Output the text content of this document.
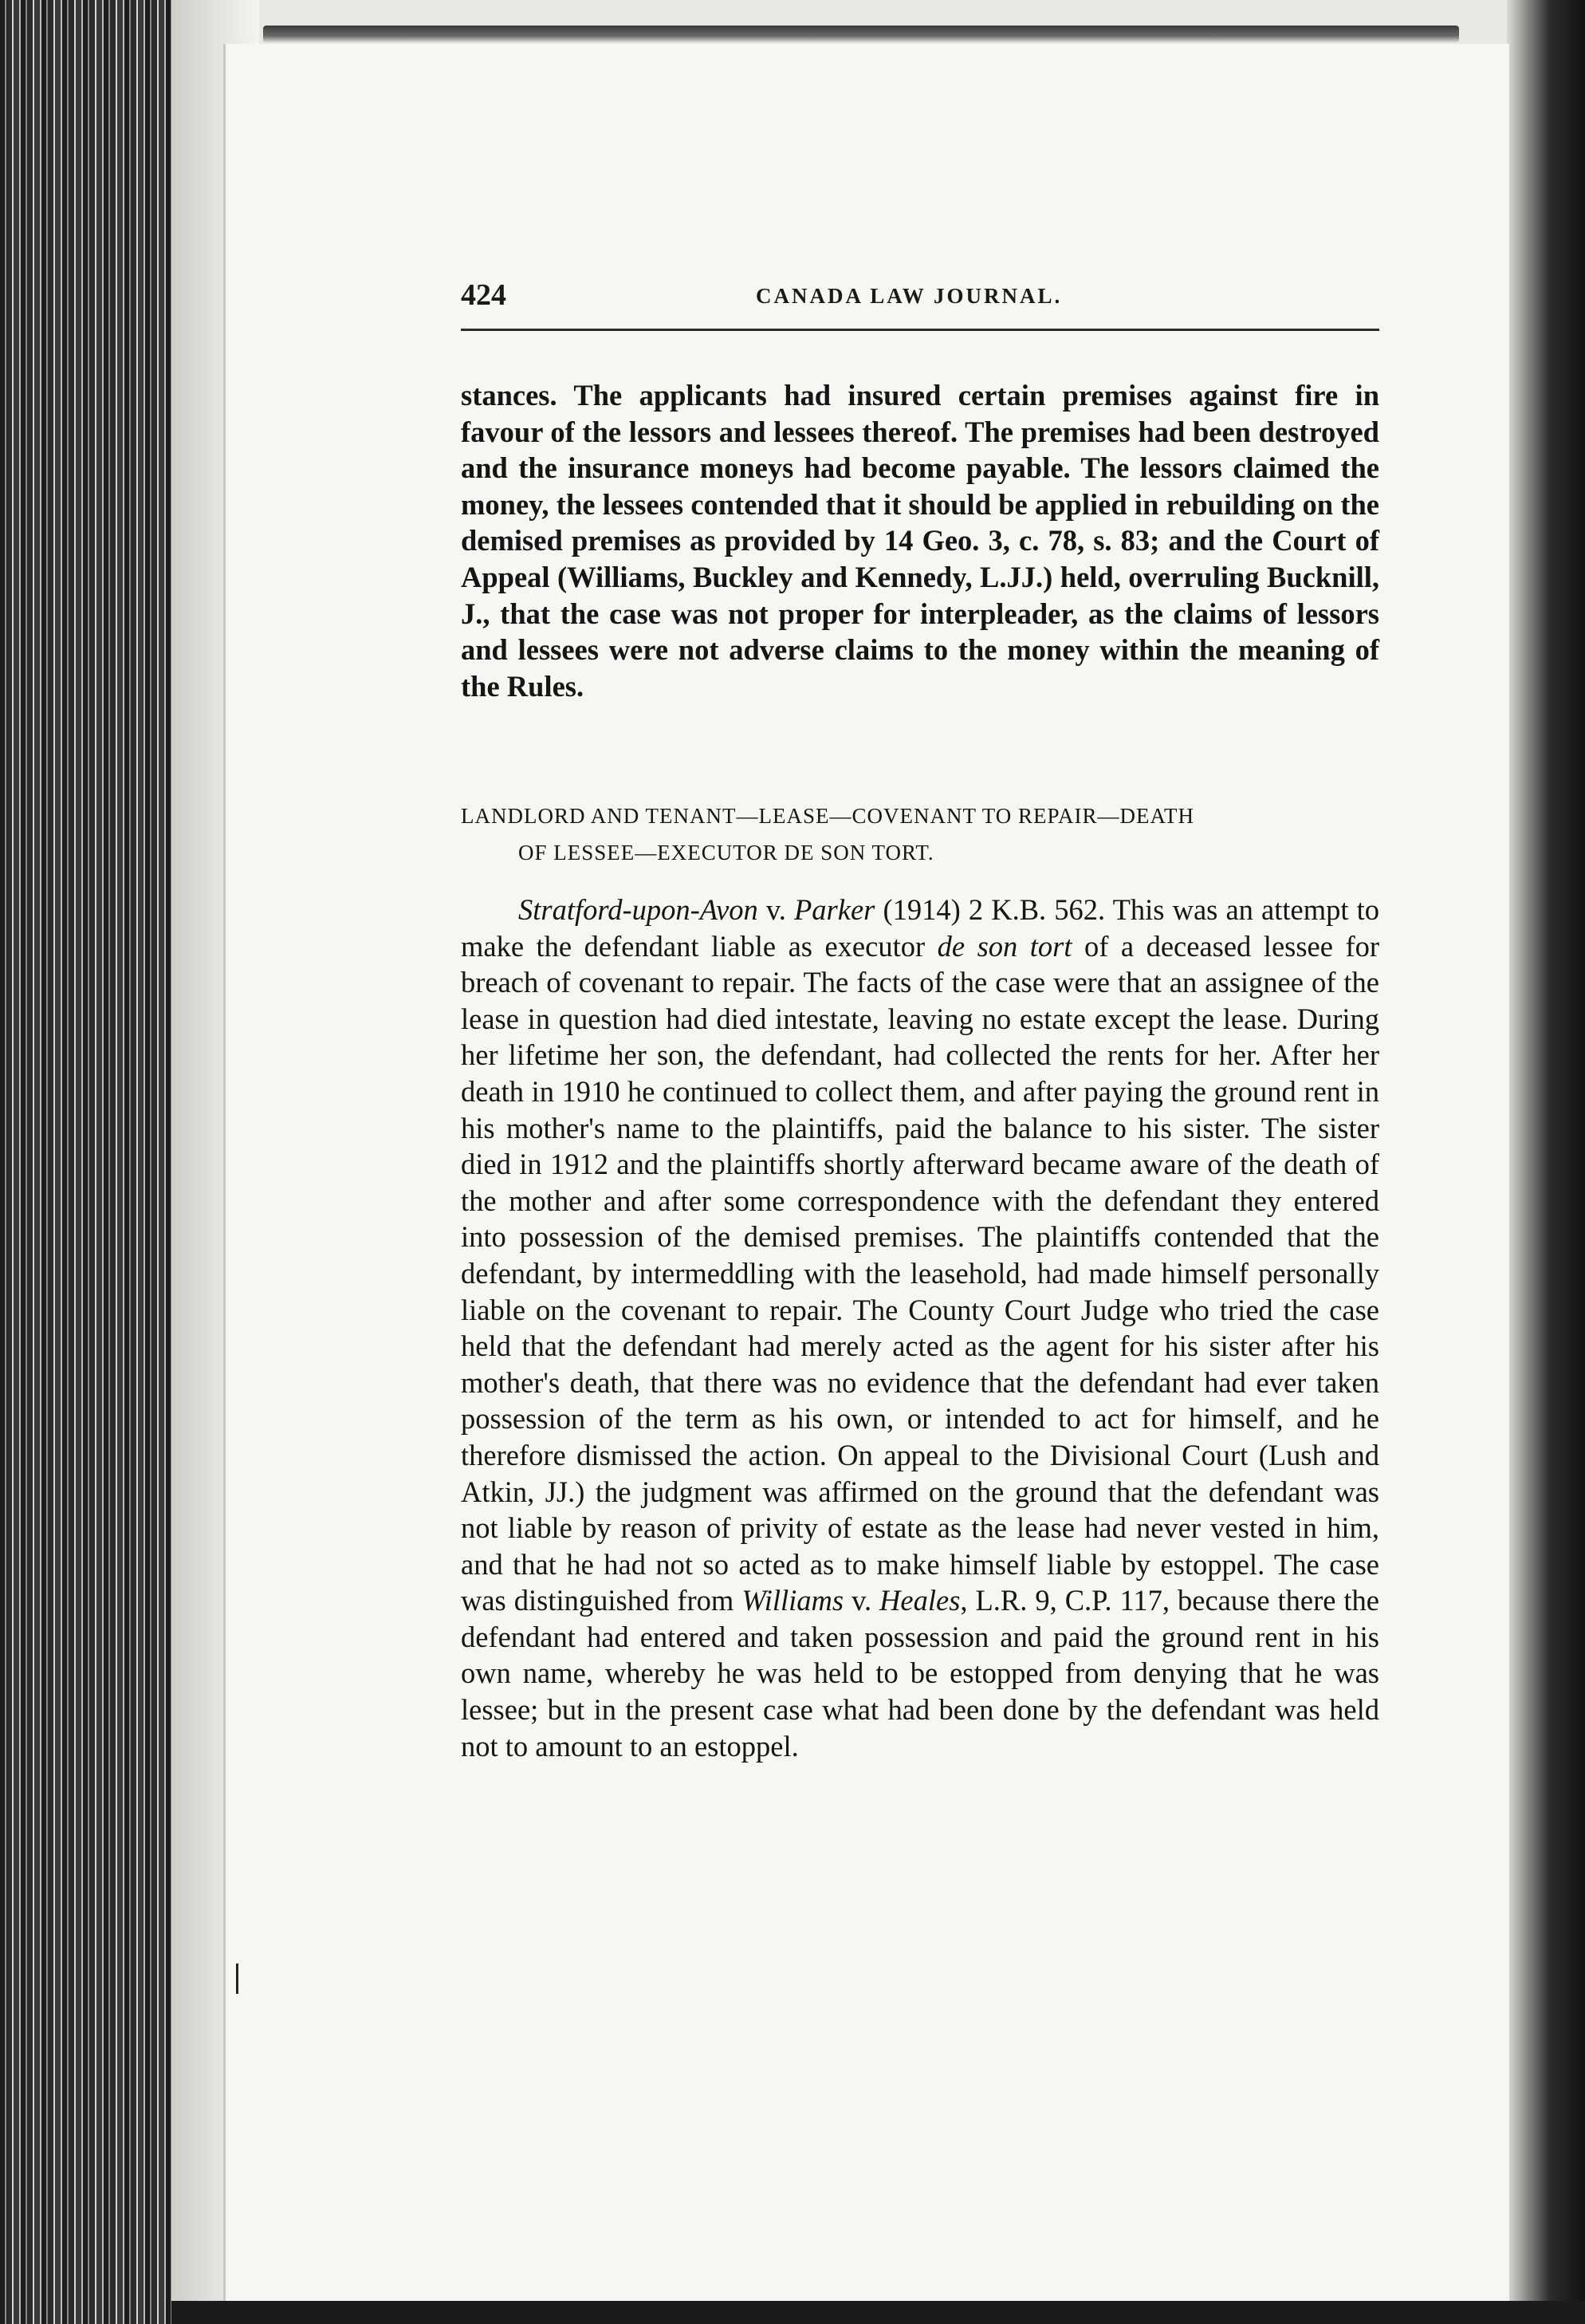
424	CANADA LAW JOURNAL.

stances. The applicants had insured certain premises against fire in favour of the lessors and lessees thereof. The premises had been destroyed and the insurance moneys had become payable. The lessors claimed the money, the lessees contended that it should be applied in rebuilding on the demised premises as provided by 14 Geo. 3, c. 78, s. 83; and the Court of Appeal (Williams, Buckley and Kennedy, L.JJ.) held, overruling Bucknill, J., that the case was not proper for interpleader, as the claims of lessors and lessees were not adverse claims to the money within the meaning of the Rules.

LANDLORD AND TENANT—LEASE—COVENANT TO REPAIR—DEATH
OF LESSEE—EXECUTOR DE SON TORT.

Stratford-upon-Avon v. Parker (1914) 2 K.B. 562. This was an attempt to make the defendant liable as executor de son tort of a deceased lessee for breach of covenant to repair. The facts of the case were that an assignee of the lease in question had died intestate, leaving no estate except the lease. During her lifetime her son, the defendant, had collected the rents for her. After her death in 1910 he continued to collect them, and after paying the ground rent in his mother's name to the plaintiffs, paid the balance to his sister. The sister died in 1912 and the plaintiffs shortly afterward became aware of the death of the mother and after some correspondence with the defendant they entered into possession of the demised premises. The plaintiffs contended that the defendant, by intermeddling with the leasehold, had made himself personally liable on the covenant to repair. The County Court Judge who tried the case held that the defendant had merely acted as the agent for his sister after his mother's death, that there was no evidence that the defendant had ever taken possession of the term as his own, or intended to act for himself, and he therefore dismissed the action. On appeal to the Divisional Court (Lush and Atkin, JJ.) the judgment was affirmed on the ground that the defendant was not liable by reason of privity of estate as the lease had never vested in him, and that he had not so acted as to make himself liable by estoppel. The case was distinguished from Williams v. Heales, L.R. 9, C.P. 117, because there the defendant had entered and taken possession and paid the ground rent in his own name, whereby he was held to be estopped from denying that he was lessee; but in the present case what had been done by the defendant was held not to amount to an estoppel.
